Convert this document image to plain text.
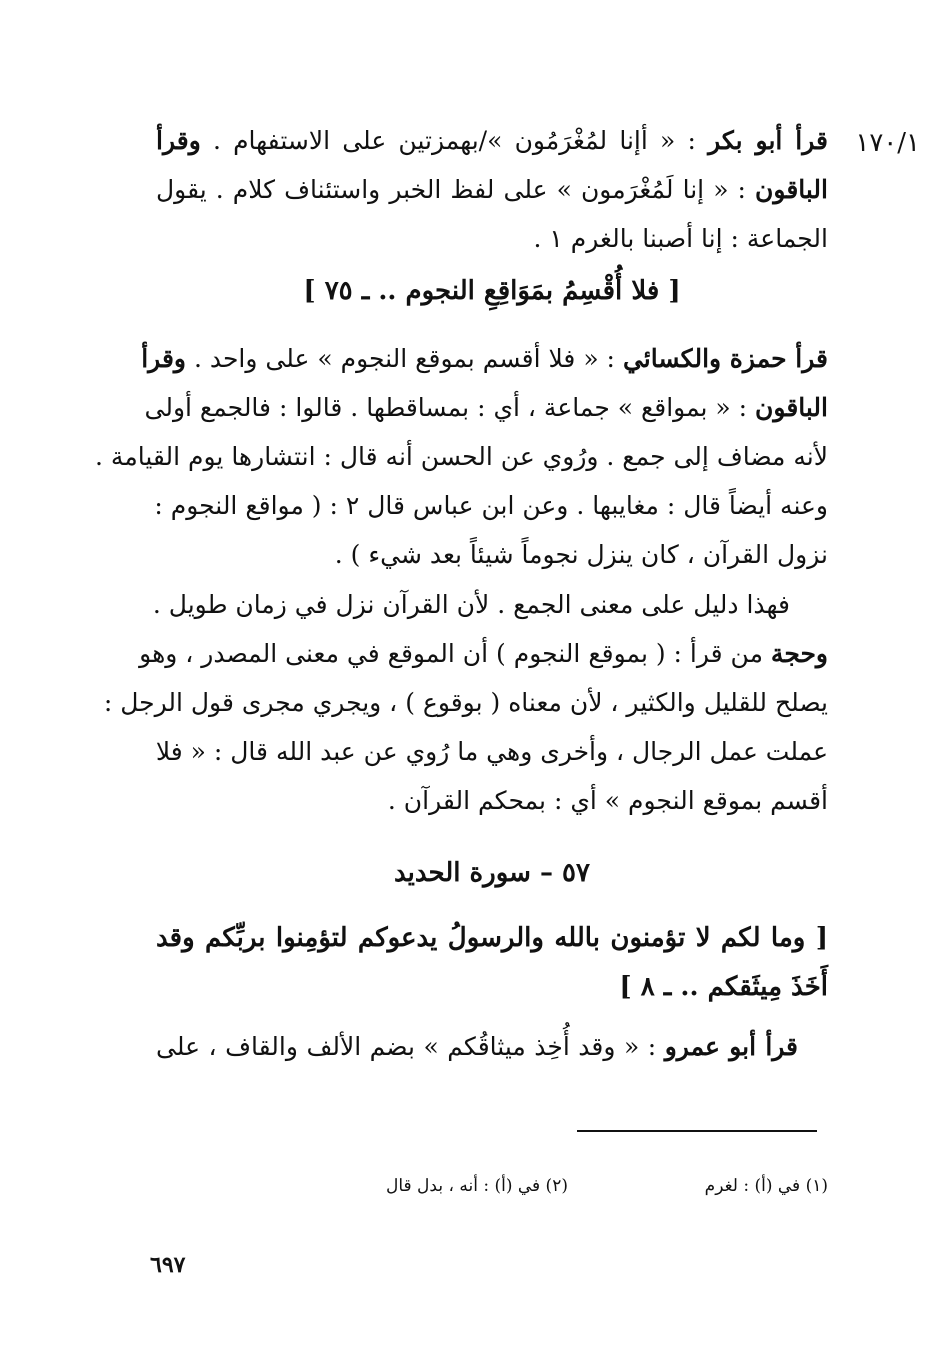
١٧٠/١
قرأ أبو بكر : « أإنا لمُغْرَمُون »/بهمزتين على الاستفهام . وقرأ
الباقون : « إنا لَمُغْرَمون » على لفظ الخبر واستئناف كلام . يقول
الجماعة : إنا أصبنا بالغرم ١ .
[ فلا أُقْسِمُ بمَوَاقِعِ النجوم .. ـ ٧٥ ]
قرأ حمزة والكسائي : « فلا أقسم بموقع النجوم » على واحد . وقرأ
الباقون : « بمواقع » جماعة ، أي : بمساقطها . قالوا : فالجمع أولى
لأنه مضاف إلى جمع . ورُوي عن الحسن أنه قال : انتشارها يوم القيامة .
وعنه أيضاً قال : مغايبها . وعن ابن عباس قال ٢ : ( مواقع النجوم :
نزول القرآن ، كان ينزل نجوماً شيئاً بعد شيء ) .
فهذا دليل على معنى الجمع . لأن القرآن نزل في زمان طويل .
وحجة من قرأ : ( بموقع النجوم ) أن الموقع في معنى المصدر ، وهو
يصلح للقليل والكثير ، لأن معناه ( بوقوع ) ، ويجري مجرى قول الرجل :
عملت عمل الرجال ، وأخرى وهي ما رُوي عن عبد الله قال : « فلا
أقسم بموقع النجوم » أي : بمحكم القرآن .
٥٧ – سورة الحديد
[ وما لكم لا تؤمنون بالله والرسولُ يدعوكم لتؤمِنوا بربِّكم وقد
أَخَذَ مِيثَقكم .. ـ ٨ ]
قرأ أبو عمرو : « وقد أُخِذ ميثاقُكم » بضم الألف والقاف ، على
(١) في (أ) : لغرم
(٢) في (أ) : أنه ، بدل قال
٦٩٧
